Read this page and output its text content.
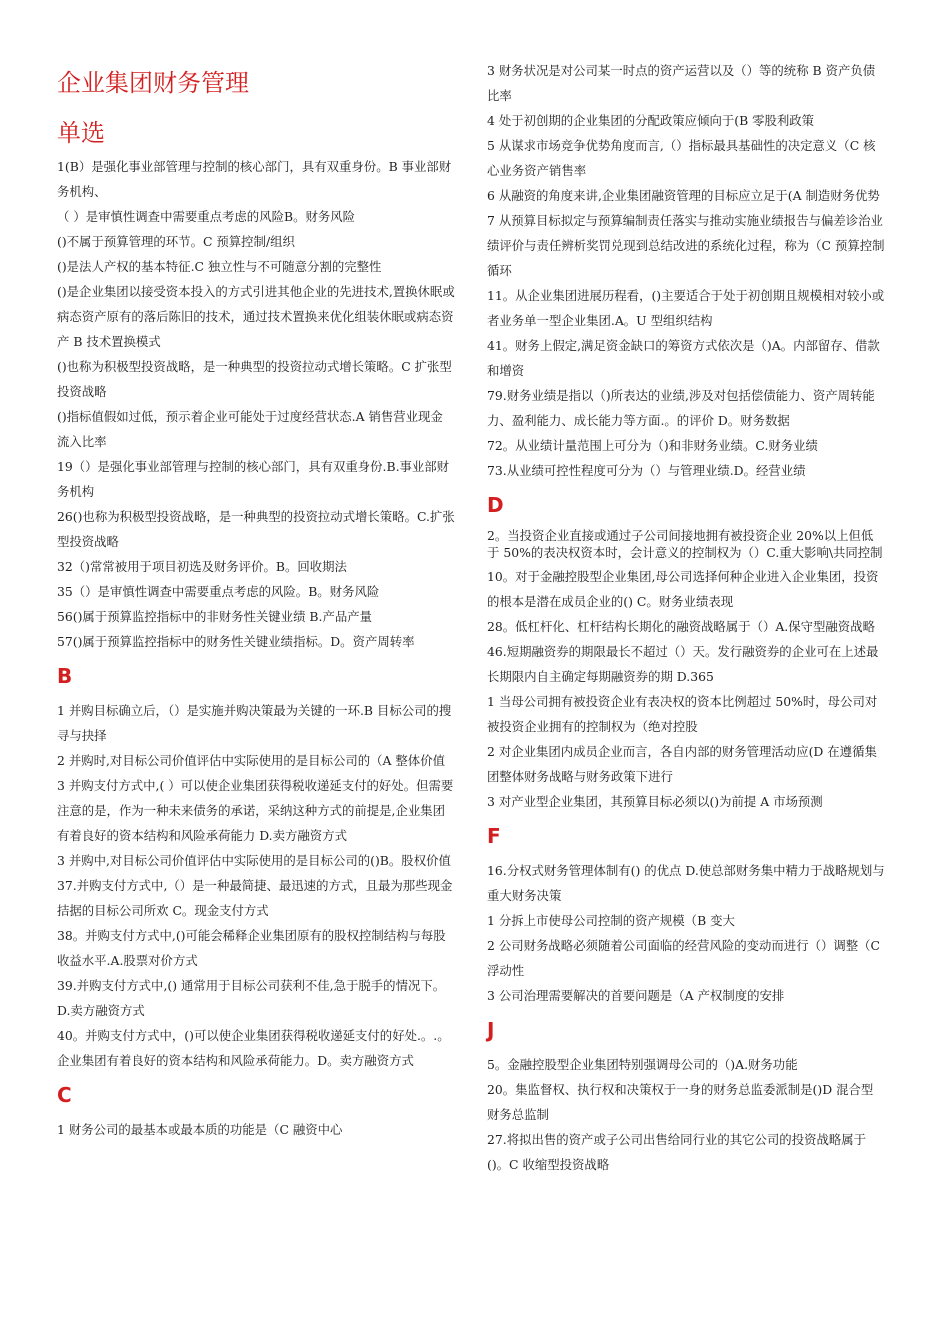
企业集团财务管理
单选

1(B）是强化事业部管理与控制的核心部门，具有双重身份。B 事业部财务机构、

（ ）是审慎性调查中需要重点考虑的风险B。财务风险

()不属于预算管理的环节。C 预算控制/组织

()是法人产权的基本特征.C 独立性与不可随意分割的完整性

()是企业集团以接受资本投入的方式引进其他企业的先进技术,置换休眠或病态资产原有的落后陈旧的技术，通过技术置换来优化组装休眠或病态资产 B 技术置换模式

()也称为积极型投资战略，是一种典型的投资拉动式增长策略。C 扩张型投资战略

()指标值假如过低，预示着企业可能处于过度经营状态.A 销售营业现金流入比率

19（）是强化事业部管理与控制的核心部门，具有双重身份.B.事业部财务机构

26()也称为积极型投资战略，是一种典型的投资拉动式增长策略。C.扩张型投资战略

32（)常常被用于项目初选及财务评价。B。回收期法

35（）是审慎性调查中需要重点考虑的风险。B。财务风险

56()属于预算监控指标中的非财务性关键业绩 B.产品产量

57()属于预算监控指标中的财务性关键业绩指标。D。资产周转率

B

1 并购目标确立后，（）是实施并购决策最为关键的一环.B 目标公司的搜寻与抉择

2 并购时,对目标公司价值评估中实际使用的是目标公司的（A 整体价值

3 并购支付方式中,( ）可以使企业集团获得税收递延支付的好处。但需要注意的是，作为一种未来债务的承诺，采纳这种方式的前提是,企业集团有着良好的资本结构和风险承荷能力 D.卖方融资方式

3 并购中,对目标公司价值评估中实际使用的是目标公司的()B。股权价值

37.并购支付方式中,（）是一种最简捷、最迅速的方式，且最为那些现金拮据的目标公司所欢 C。现金支付方式

38。并购支付方式中,()可能会稀释企业集团原有的股权控制结构与每股收益水平.A.股票对价方式

39.并购支付方式中,() 通常用于目标公司获利不佳,急于脱手的情况下。D.卖方融资方式

40。并购支付方式中，()可以使企业集团获得税收递延支付的好处.。.。企业集团有着良好的资本结构和风险承荷能力。D。卖方融资方式

C

1 财务公司的最基本或最本质的功能是（C 融资中心

3 财务状况是对公司某一时点的资产运营以及（）等的统称 B 资产负债比率

4 处于初创期的企业集团的分配政策应倾向于(B 零股利政策

5 从谋求市场竞争优势角度而言,（）指标最具基础性的决定意义（C 核心业务资产销售率

6 从融资的角度来讲,企业集团融资管理的目标应立足于(A 制造财务优势

7 从预算目标拟定与预算编制责任落实与推动实施业绩报告与偏差诊治业绩评价与责任辨析奖罚兑现到总结改进的系统化过程，称为（C 预算控制循环

11。从企业集团进展历程看，()主要适合于处于初创期且规模相对较小或者业务单一型企业集团.A。U 型组织结构

41。财务上假定,满足资金缺口的筹资方式依次是（)A。内部留存、借款和增资

79.财务业绩是指以（)所表达的业绩,涉及对包括偿债能力、资产周转能力、盈利能力、成长能力等方面.。的评价 D。财务数据

72。从业绩计量范围上可分为（)和非财务业绩。C.财务业绩

73.从业绩可控性程度可分为（）与管理业绩.D。经营业绩

D

2。当投资企业直接或通过子公司间接地拥有被投资企业 20%以上但低于 50%的表决权资本时，会计意义的控制权为（）C.重大影响\共同控制

10。对于金融控股型企业集团,母公司选择何种企业进入企业集团，投资的根本是潜在成员企业的() C。财务业绩表现

28。低杠杆化、杠杆结构长期化的融资战略属于（）A.保守型融资战略

46.短期融资券的期限最长不超过（）天。发行融资券的企业可在上述最长期限内自主确定每期融资券的期 D.365

1 当母公司拥有被投资企业有表决权的资本比例超过 50%时，母公司对被投资企业拥有的控制权为（绝对控股

2 对企业集团内成员企业而言，各自内部的财务管理活动应(D 在遵循集团整体财务战略与财务政策下进行

3 对产业型企业集团，其预算目标必须以()为前提 A 市场预测

F

16.分权式财务管理体制有() 的优点 D.使总部财务集中精力于战略规划与重大财务决策

1 分拆上市使母公司控制的资产规模（B 变大

2 公司财务战略必须随着公司面临的经营风险的变动而进行（）调整（C 浮动性

3 公司治理需要解决的首要问题是（A 产权制度的安排

J

5。金融控股型企业集团特别强调母公司的（)A.财务功能

20。集监督权、执行权和决策权于一身的财务总监委派制是()D 混合型财务总监制

27.将拟出售的资产或子公司出售给同行业的其它公司的投资战略属于()。C 收缩型投资战略
